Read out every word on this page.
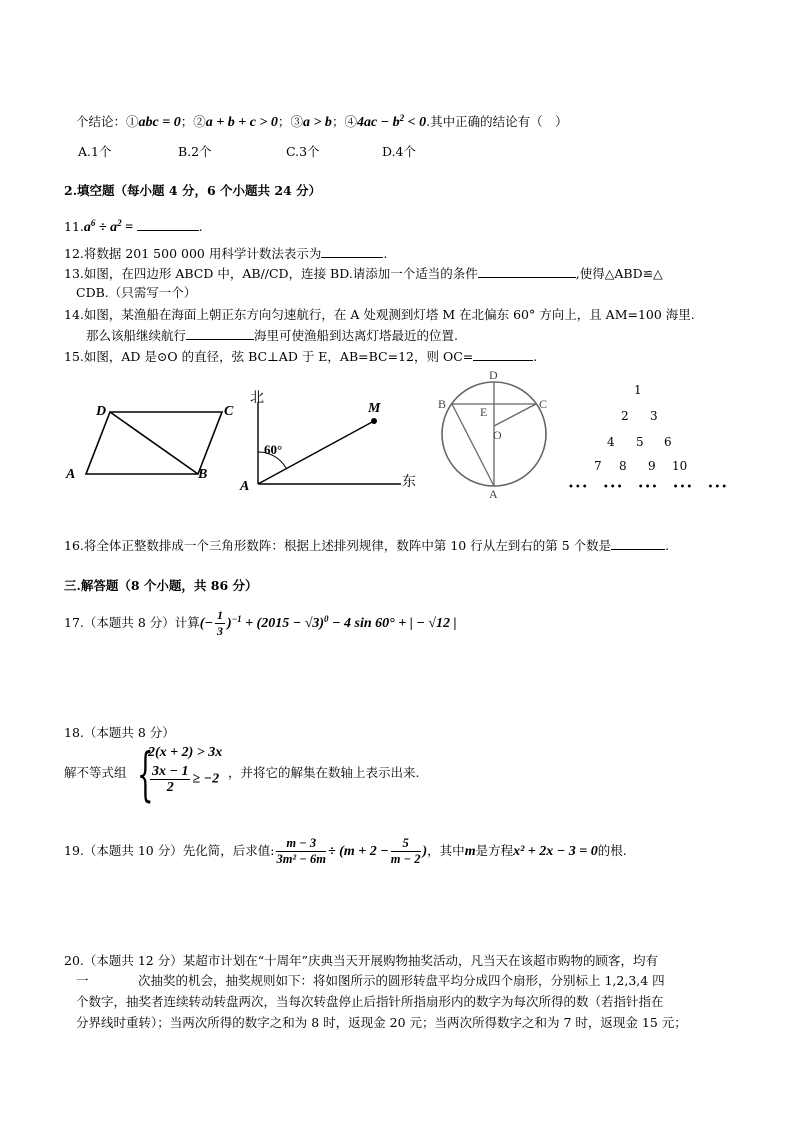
个结论：①abc = 0；②a + b + c > 0；③a > b；④4ac − $b^2 < 0$.其中正确的结论有（　）
A.1个	B.2个	C.3个	D.4个
2.填空题（每小题 4 分，6 个小题共 24 分）
$11.a^6 \div a^2$ =	.
12.将数据 201 500 000 用科学计数法表示为	.
13.如图，在四边形 ABCD 中，AB//CD，连接 BD.请添加一个适当的条件	,使得△ABD≌△
CDB.（只需写一个）
14.如图，某渔船在海面上朝正东方向匀速航行，在 A 处观测到灯塔 M 在北偏东 60° 方向上，且 AM=100 海里.
那么该船继续航行	海里可使渔船到达离灯塔最近的位置.
15.如图，AD 是⊙O 的直径，弦 BC⊥AD 于 E，AB=BC=12，则 OC=	.
D	C
A	B
北
东
60°
A
M
D
B	C
E
O
A
1
2 3
4 5 6
7 8 9 10
••• ••• ••• ••• •••
16.将全体正整数排成一个三角形数阵：根据上述排列规律，数阵中第 10 行从左到右的第 5 个数是	.
三.解答题（8 个小题，共 86 分）
17.（本题共 8 分）计算(− $\frac{1}{3} )^{-1} + (2015 - √3)^0 - 4$ sin 60° + | − √12 |
18.（本题共 8 分）
解不等式组 {
2(x + 2) > 3x
$\frac{3x - 1}{2} \ge -2$ ，并将它的解集在数轴上表示出来.
19.（本题共 10 分）先化简，后求值: $\frac{m - 3}{\text{3m² − 6m}} \div (m + 2 - \frac{5}{m - 2}$ )，其中m是方程x² + 2x − 3 = 0的根.
20.（本题共 12 分）某超市计划在“十周年”庆典当天开展购物抽奖活动，凡当天在该超市购物的顾客，均有
一	次抽奖的机会，抽奖规则如下：将如图所示的圆形转盘平均分成四个扇形，分别标上 1,2,3,4 四
个数字，抽奖者连续转动转盘两次，当每次转盘停止后指针所指扇形内的数字为每次所得的数（若指针指在
分界线时重转）；当两次所得的数字之和为 8 时，返现金 20 元；当两次所得数字之和为 7 时，返现金 15 元；
